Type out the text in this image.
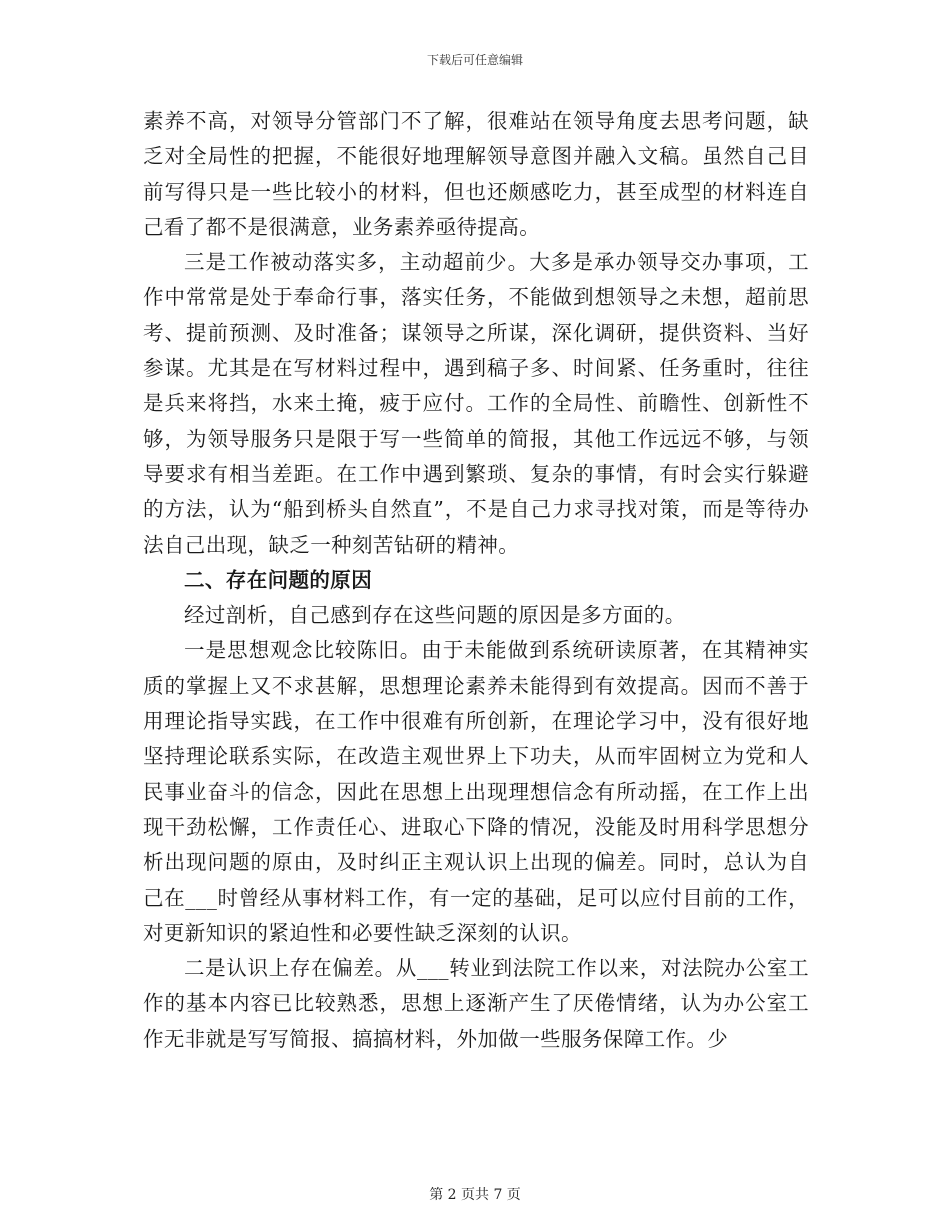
下载后可任意编辑

素养不高，对领导分管部门不了解，很难站在领导角度去思考问题，缺乏对全局性的把握，不能很好地理解领导意图并融入文稿。虽然自己目前写得只是一些比较小的材料，但也还颇感吃力，甚至成型的材料连自己看了都不是很满意，业务素养亟待提高。

三是工作被动落实多，主动超前少。大多是承办领导交办事项，工作中常常是处于奉命行事，落实任务，不能做到想领导之未想，超前思考、提前预测、及时准备；谋领导之所谋，深化调研，提供资料、当好参谋。尤其是在写材料过程中，遇到稿子多、时间紧、任务重时，往往是兵来将挡，水来土掩，疲于应付。工作的全局性、前瞻性、创新性不够，为领导服务只是限于写一些简单的简报，其他工作远远不够，与领导要求有相当差距。在工作中遇到繁琐、复杂的事情，有时会实行躲避的方法，认为“船到桥头自然直”，不是自己力求寻找对策，而是等待办法自己出现，缺乏一种刻苦钻研的精神。

二、存在问题的原因

经过剖析，自己感到存在这些问题的原因是多方面的。

一是思想观念比较陈旧。由于未能做到系统研读原著，在其精神实质的掌握上又不求甚解，思想理论素养未能得到有效提高。因而不善于用理论指导实践，在工作中很难有所创新，在理论学习中，没有很好地坚持理论联系实际，在改造主观世界上下功夫，从而牢固树立为党和人民事业奋斗的信念，因此在思想上出现理想信念有所动摇，在工作上出现干劲松懈，工作责任心、进取心下降的情况，没能及时用科学思想分析出现问题的原由，及时纠正主观认识上出现的偏差。同时，总认为自己在___时曾经从事材料工作，有一定的基础，足可以应付目前的工作，对更新知识的紧迫性和必要性缺乏深刻的认识。

二是认识上存在偏差。从___转业到法院工作以来，对法院办公室工作的基本内容已比较熟悉，思想上逐渐产生了厌倦情绪，认为办公室工作无非就是写写简报、搞搞材料，外加做一些服务保障工作。少

第 2 页共 7 页
